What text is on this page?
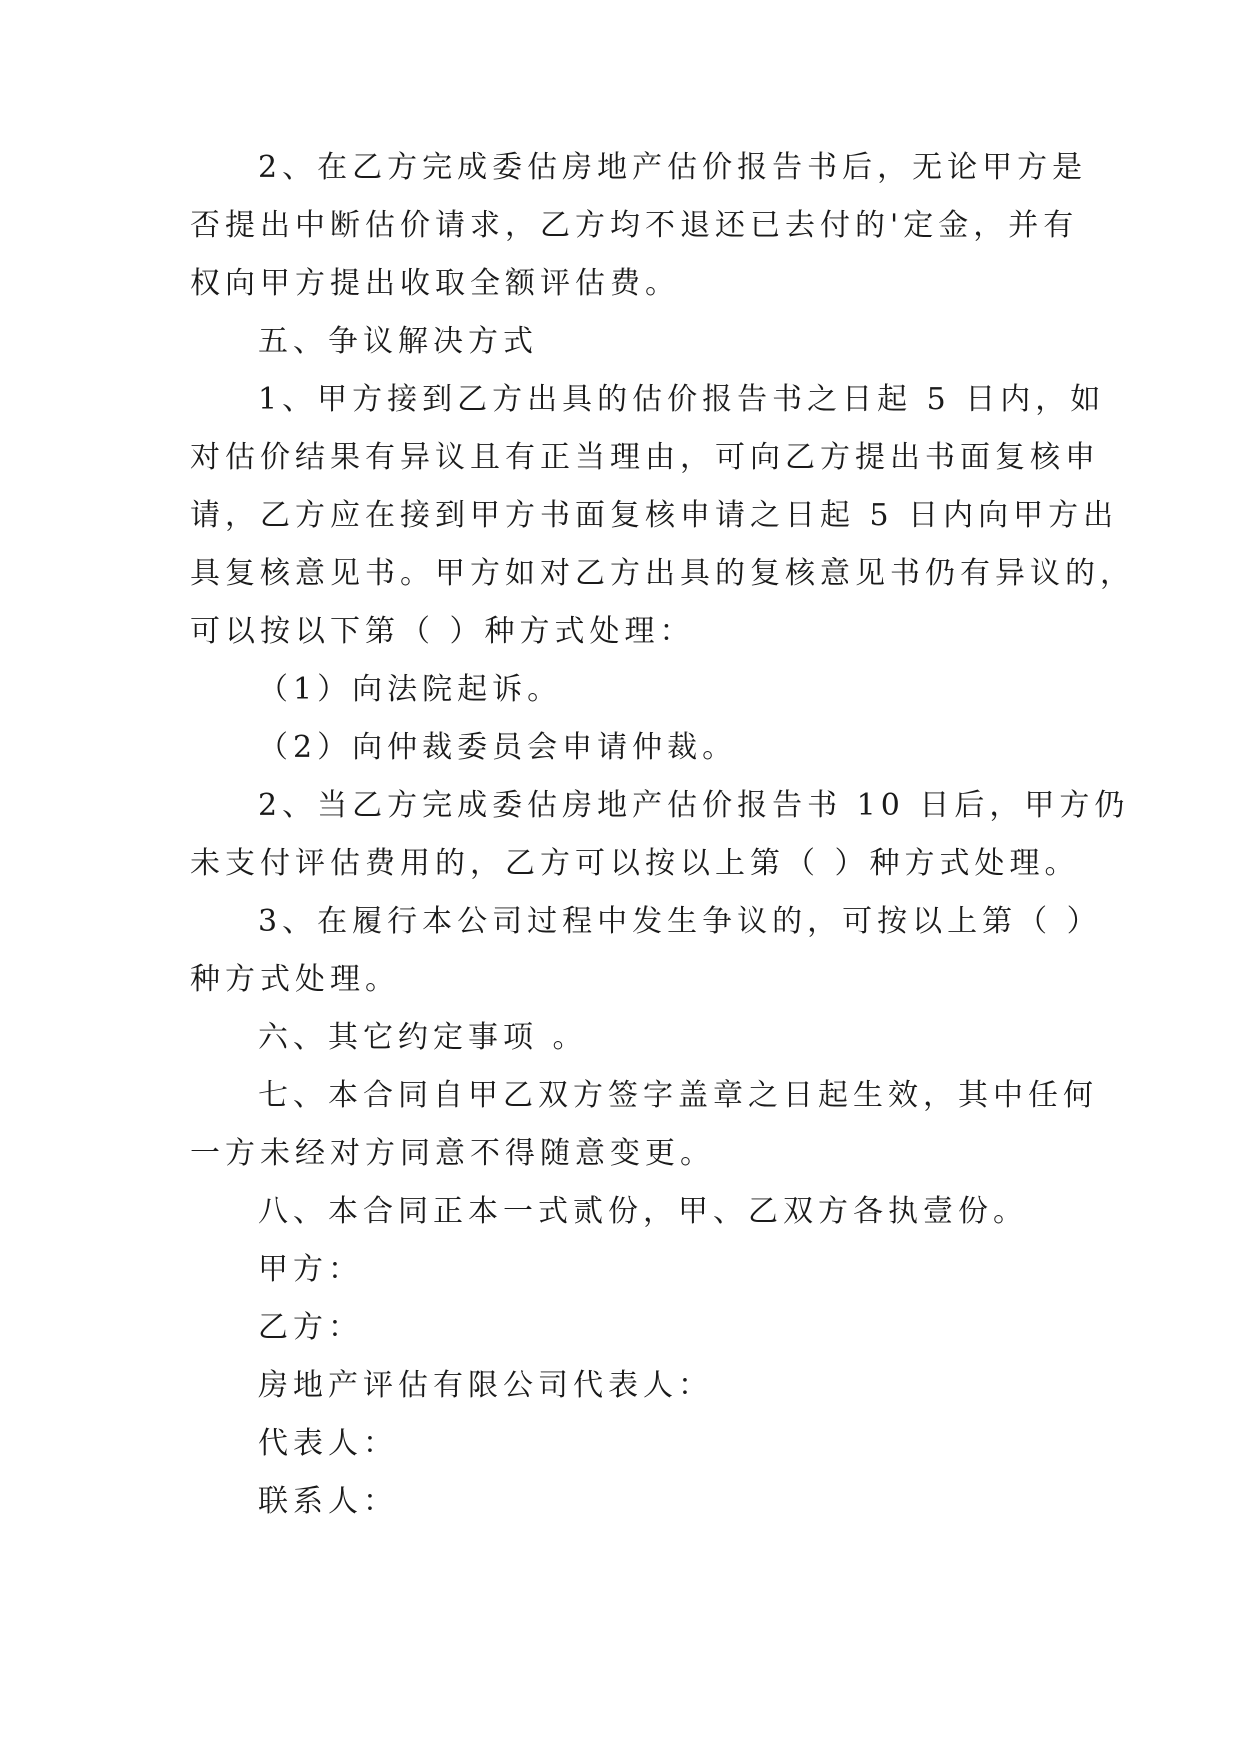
2、在乙方完成委估房地产估价报告书后，无论甲方是
否提出中断估价请求，乙方均不退还已去付的'定金，并有
权向甲方提出收取全额评估费。
五、争议解决方式
1、甲方接到乙方出具的估价报告书之日起 5 日内，如
对估价结果有异议且有正当理由，可向乙方提出书面复核申
请，乙方应在接到甲方书面复核申请之日起 5 日内向甲方出
具复核意见书。甲方如对乙方出具的复核意见书仍有异议的，
可以按以下第（ ）种方式处理：
（1）向法院起诉。
（2）向仲裁委员会申请仲裁。
2、当乙方完成委估房地产估价报告书 10 日后，甲方仍
未支付评估费用的，乙方可以按以上第（ ）种方式处理。
3、在履行本公司过程中发生争议的，可按以上第（ ）
种方式处理。
六、其它约定事项 。
七、本合同自甲乙双方签字盖章之日起生效，其中任何
一方未经对方同意不得随意变更。
八、本合同正本一式贰份，甲、乙双方各执壹份。
甲方：
乙方：
房地产评估有限公司代表人：
代表人：
联系人：
